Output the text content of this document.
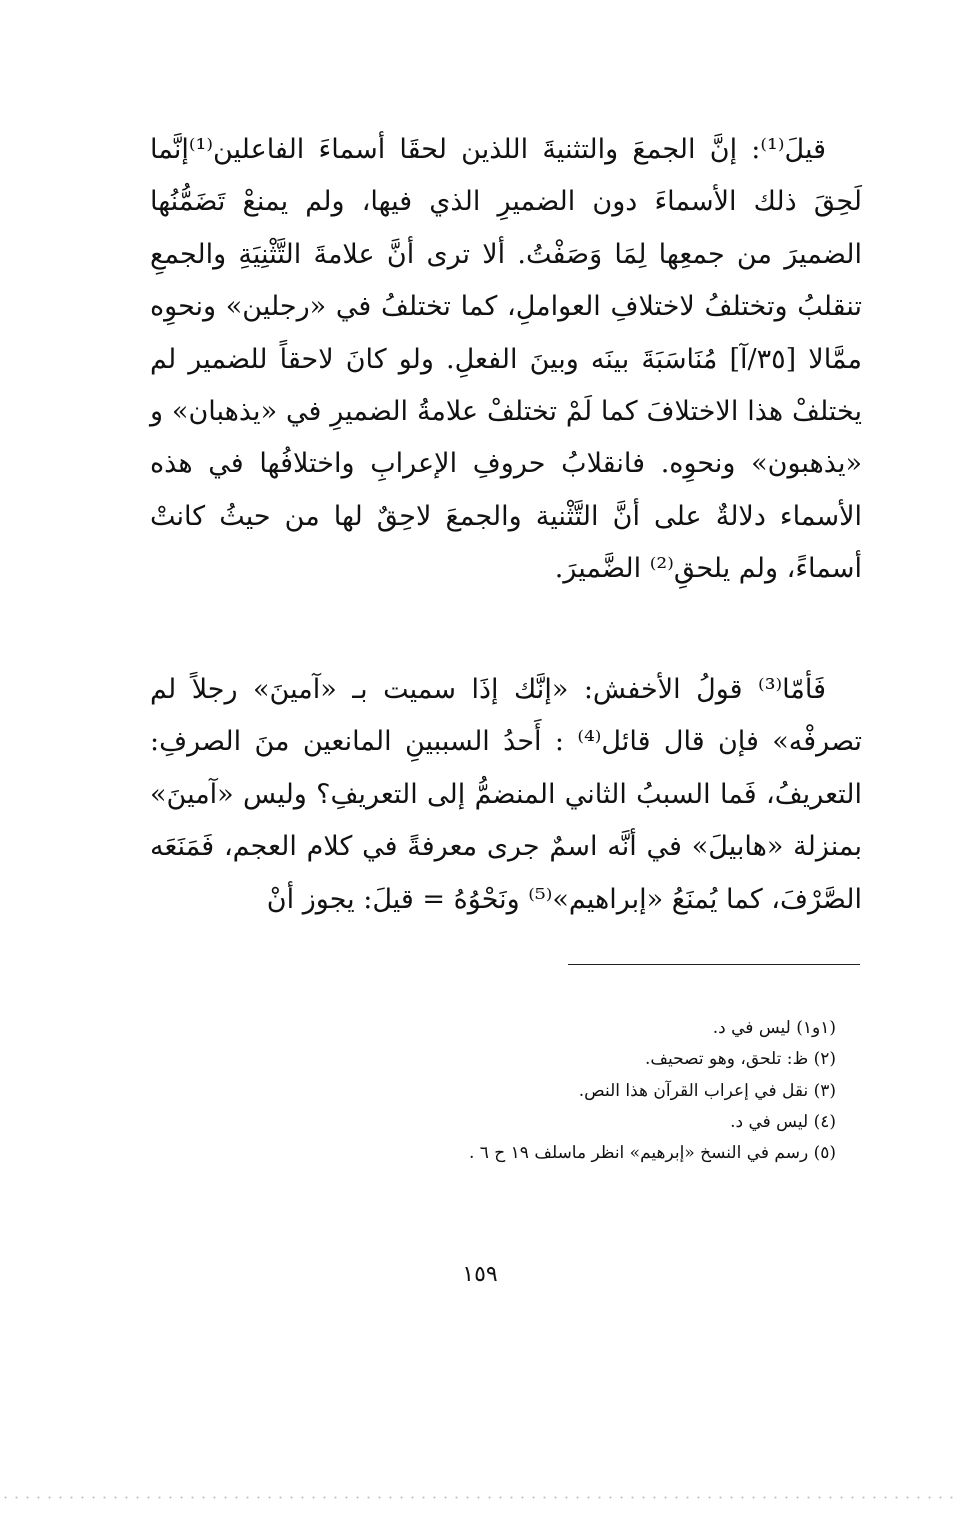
قيلَ⁽¹⁾: إنَّ الجمعَ والتثنيةَ اللذين لحقَا أسماءَ الفاعلين⁽¹⁾إنَّما لَحِقَ ذلك الأسماءَ دون الضميرِ الذي فيها، ولم يمنعْ تَضَمُّنُها الضميرَ من جمعِها لِمَا وَصَفْتُ. ألا ترى أنَّ علامةَ التَّثْنِيَةِ والجمعِ تنقلبُ وتختلفُ لاختلافِ العواملِ، كما تختلفُ في «رجلين» ونحوِه ممَّالا [٣٥/آ] مُنَاسَبَةَ بينَه وبينَ الفعلِ. ولو كانَ لاحقاً للضمير لم يختلفْ هذا الاختلافَ كما لَمْ تختلفْ علامةُ الضميرِ في «يذهبان» و «يذهبون» ونحوِه. فانقلابُ حروفِ الإعرابِ واختلافُها في هذه الأسماء دلالةٌ على أنَّ التَّثْنية والجمعَ لاحِقٌ لها من حيثُ كانتْ أسماءً، ولم يلحقِ⁽²⁾ الضَّميرَ.

فَأمّا⁽³⁾ قولُ الأخفش: «إنَّك إذَا سميت بـ «آمينَ» رجلاً لم تصرفْه» فإن قال قائل⁽⁴⁾ : أَحدُ السببينِ المانعين منَ الصرفِ: التعريفُ، فَما السببُ الثاني المنضمُّ إلى التعريفِ؟ وليس «آمينَ» بمنزلة «هابيلَ» في أنَّه اسمٌ جرى معرفةً في كلام العجم، فَمَنَعَه الصَّرْفَ، كما يُمنَعُ «إبراهيم»⁽⁵⁾ ونَحْوُهُ = قيلَ: يجوز أنْ

(١و١) ليس في د.
(٢) ظ: تلحق، وهو تصحيف.
(٣) نقل في إعراب القرآن هذا النص.
(٤) ليس في د.
(٥) رسم في النسخ «إبرهيم» انظر ماسلف ١٩ ح ٦ .
١٥٩
